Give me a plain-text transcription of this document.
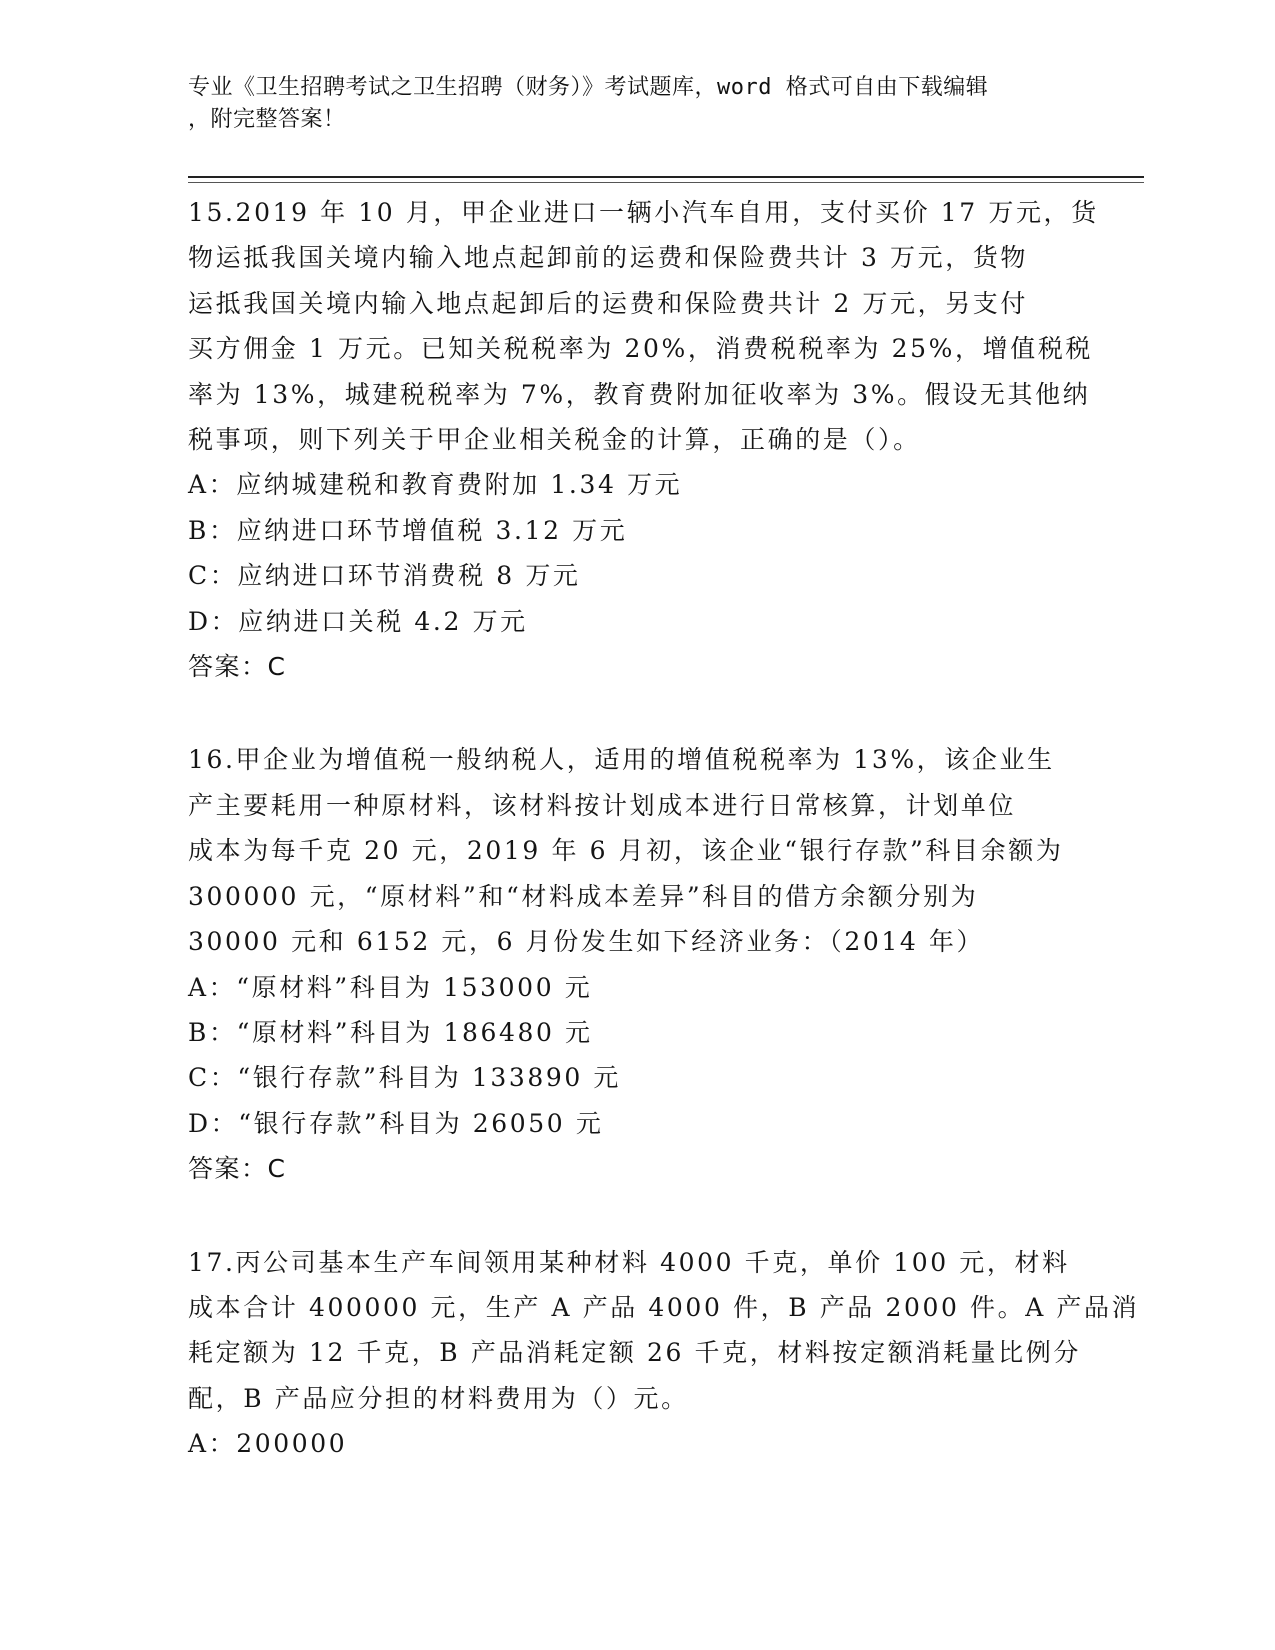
专业《卫生招聘考试之卫生招聘（财务）》考试题库，word 格式可自由下载编辑
，附完整答案！
15.2019 年 10 月，甲企业进口一辆小汽车自用，支付买价 17 万元，货
物运抵我国关境内输入地点起卸前的运费和保险费共计 3 万元，货物
运抵我国关境内输入地点起卸后的运费和保险费共计 2 万元，另支付
买方佣金 1 万元。已知关税税率为 20%，消费税税率为 25%，增值税税
率为 13%，城建税税率为 7%，教育费附加征收率为 3%。假设无其他纳
税事项，则下列关于甲企业相关税金的计算，正确的是（）。
A：应纳城建税和教育费附加 1.34 万元
B：应纳进口环节增值税 3.12 万元
C：应纳进口环节消费税 8 万元
D：应纳进口关税 4.2 万元
答案：C
16.甲企业为增值税一般纳税人，适用的增值税税率为 13%，该企业生
产主要耗用一种原材料，该材料按计划成本进行日常核算，计划单位
成本为每千克 20 元，2019 年 6 月初，该企业“银行存款”科目余额为
300000 元，“原材料”和“材料成本差异”科目的借方余额分别为
30000 元和 6152 元，6 月份发生如下经济业务：（2014 年）
A：“原材料”科目为 153000 元
B：“原材料”科目为 186480 元
C：“银行存款”科目为 133890 元
D：“银行存款”科目为 26050 元
答案：C
17.丙公司基本生产车间领用某种材料 4000 千克，单价 100 元，材料
成本合计 400000 元，生产 A 产品 4000 件，B 产品 2000 件。A 产品消
耗定额为 12 千克，B 产品消耗定额 26 千克，材料按定额消耗量比例分
配，B 产品应分担的材料费用为（）元。
A：200000
